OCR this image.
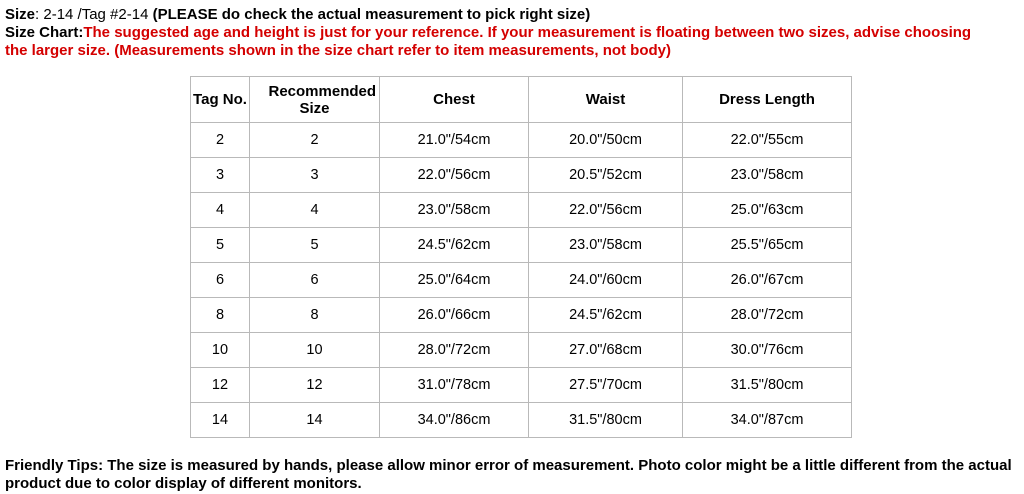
Size: 2-14 /Tag #2-14 (PLEASE do check the actual measurement to pick right size)
Size Chart:The suggested age and height is just for your reference. If your measurement is floating between two sizes, advise choosing
the larger size. (Measurements shown in the size chart refer to item measurements, not body)
Tag No.	Recommended Size	Chest	Waist	Dress Length
2	2	21.0"/54cm	20.0"/50cm	22.0"/55cm
3	3	22.0"/56cm	20.5"/52cm	23.0"/58cm
4	4	23.0"/58cm	22.0"/56cm	25.0"/63cm
5	5	24.5"/62cm	23.0"/58cm	25.5"/65cm
6	6	25.0"/64cm	24.0"/60cm	26.0"/67cm
8	8	26.0"/66cm	24.5"/62cm	28.0"/72cm
10	10	28.0"/72cm	27.0"/68cm	30.0"/76cm
12	12	31.0"/78cm	27.5"/70cm	31.5"/80cm
14	14	34.0"/86cm	31.5"/80cm	34.0"/87cm
Friendly Tips: The size is measured by hands, please allow minor error of measurement. Photo color might be a little different from the actual product due to color display of different monitors.
